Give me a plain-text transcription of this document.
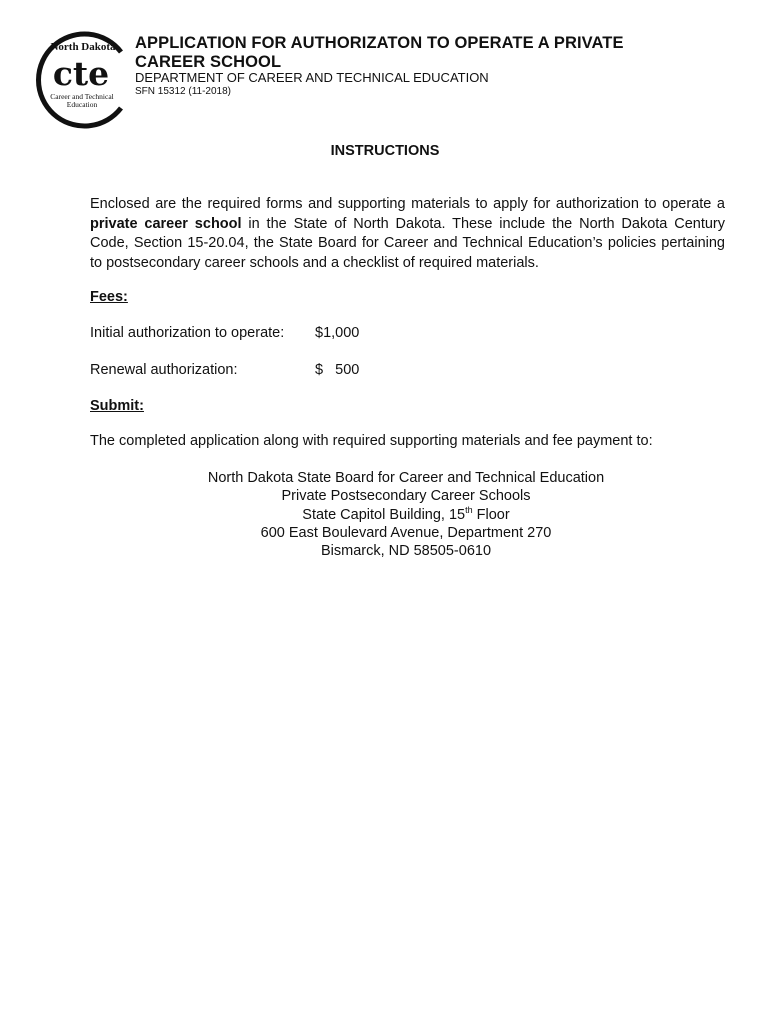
North Dakota
cte
Career and Technical
Education
APPLICATION FOR AUTHORIZATON TO OPERATE A PRIVATE
CAREER SCHOOL
DEPARTMENT OF CAREER AND TECHNICAL EDUCATION
SFN 15312 (11-2018)
INSTRUCTIONS
Enclosed are the required forms and supporting materials to apply for authorization to operate a private career school in the State of North Dakota. These include the North Dakota Century Code, Section 15-20.04, the State Board for Career and Technical Education’s policies pertaining to postsecondary career schools and a checklist of required materials.
Fees:
Initial authorization to operate: $1,000
Renewal authorization:	$   500
Submit:
The completed application along with required supporting materials and fee payment to:
North Dakota State Board for Career and Technical Education
Private Postsecondary Career Schools
State Capitol Building, 15th Floor
600 East Boulevard Avenue, Department 270
Bismarck, ND 58505-0610
